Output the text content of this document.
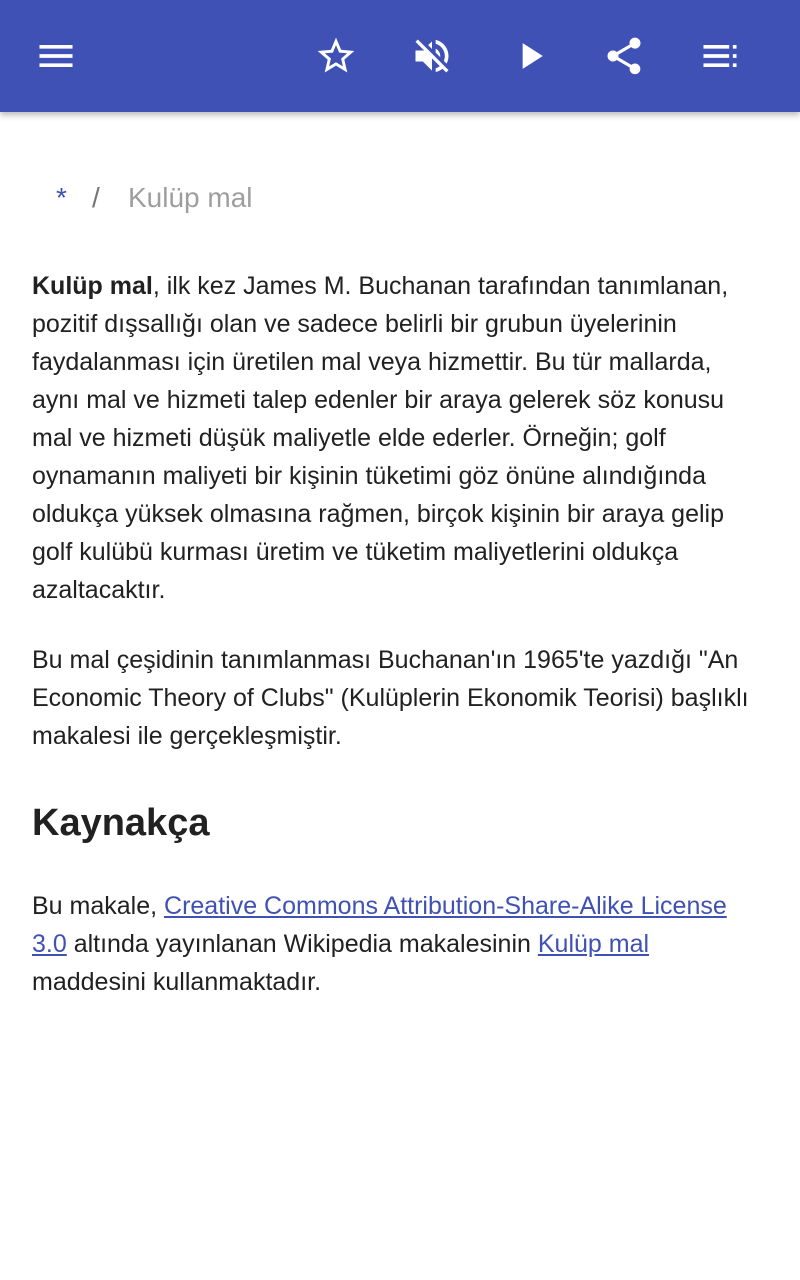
* /	Kulüp mal

Kulüp mal, ilk kez James M. Buchanan tarafından tanımlanan, pozitif dışsallığı olan ve sadece belirli bir grubun üyelerinin faydalanması için üretilen mal veya hizmettir. Bu tür mallarda, aynı mal ve hizmeti talep edenler bir araya gelerek söz konusu mal ve hizmeti düşük maliyetle elde ederler. Örneğin; golf oynamanın maliyeti bir kişinin tüketimi göz önüne alındığında oldukça yüksek olmasına rağmen, birçok kişinin bir araya gelip golf kulübü kurması üretim ve tüketim maliyetlerini oldukça azaltacaktır.

Bu mal çeşidinin tanımlanması Buchanan'ın 1965'te yazdığı "An Economic Theory of Clubs" (Kulüplerin Ekonomik Teorisi) başlıklı makalesi ile gerçekleşmiştir.

Kaynakça

Bu makale, Creative Commons Attribution-Share-Alike License 3.0 altında yayınlanan Wikipedia makalesinin Kulüp mal maddesini kullanmaktadır.
